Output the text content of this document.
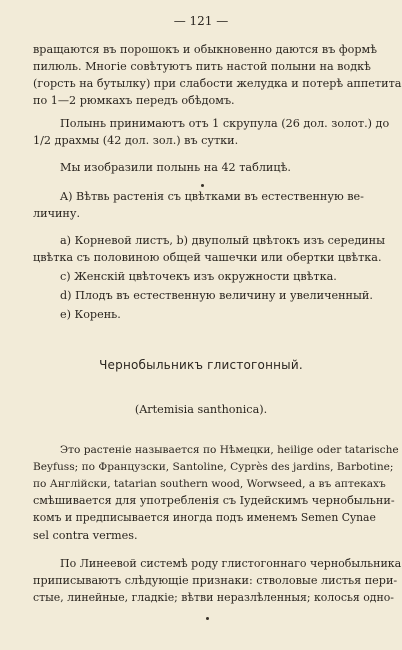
— 121 —
вращаются въ порошокъ и обыкновенно даются въ формѣ
пилюль. Многіе совѣтуютъ пить настой полыни на водкѣ
(горсть на бутылку) при слабости желудка и потерѣ аппетита
по 1—2 рюмкахъ передъ обѣдомъ.
Полынь принимаютъ отъ 1 скрупула (26 дол. золот.) до
1/2 драхмы (42 дол. зол.) въ сутки.
Мы изобразили полынь на 42 таблицѣ.
A) Вѣтвь растенія съ цвѣтками въ естественную ве-
личину.
a) Корневой листъ, b) двуполый цвѣтокъ изъ середины
цвѣтка съ половиною общей чашечки или обертки цвѣтка.
c) Женскій цвѣточекъ изъ окружности цвѣтка.
d) Плодъ въ естественную величину и увеличенный.
e) Корень.
Чернобыльникъ глистогонный.
(Artemisia santhonica).
Это растеніе называется по Нѣмецки, heilige oder tatarische
Beyfuss; по Французски, Santoline, Cyprès des jardins, Barbotine;
по Англійски, tatarian southern wood, Worwseed, а въ аптекахъ
смѣшивается для употребленія съ Іудейскимъ чернобыльни-
комъ и предписывается иногда подъ именемъ Semen Cynae
sel contra vermes.
По Линеевой системѣ роду глистогоннаго чернобыльника
приписываютъ слѣдующіе признаки: стволовые листья пери-
стые, линейные, гладкіе; вѣтви неразлѣленныя; колосья одно-
